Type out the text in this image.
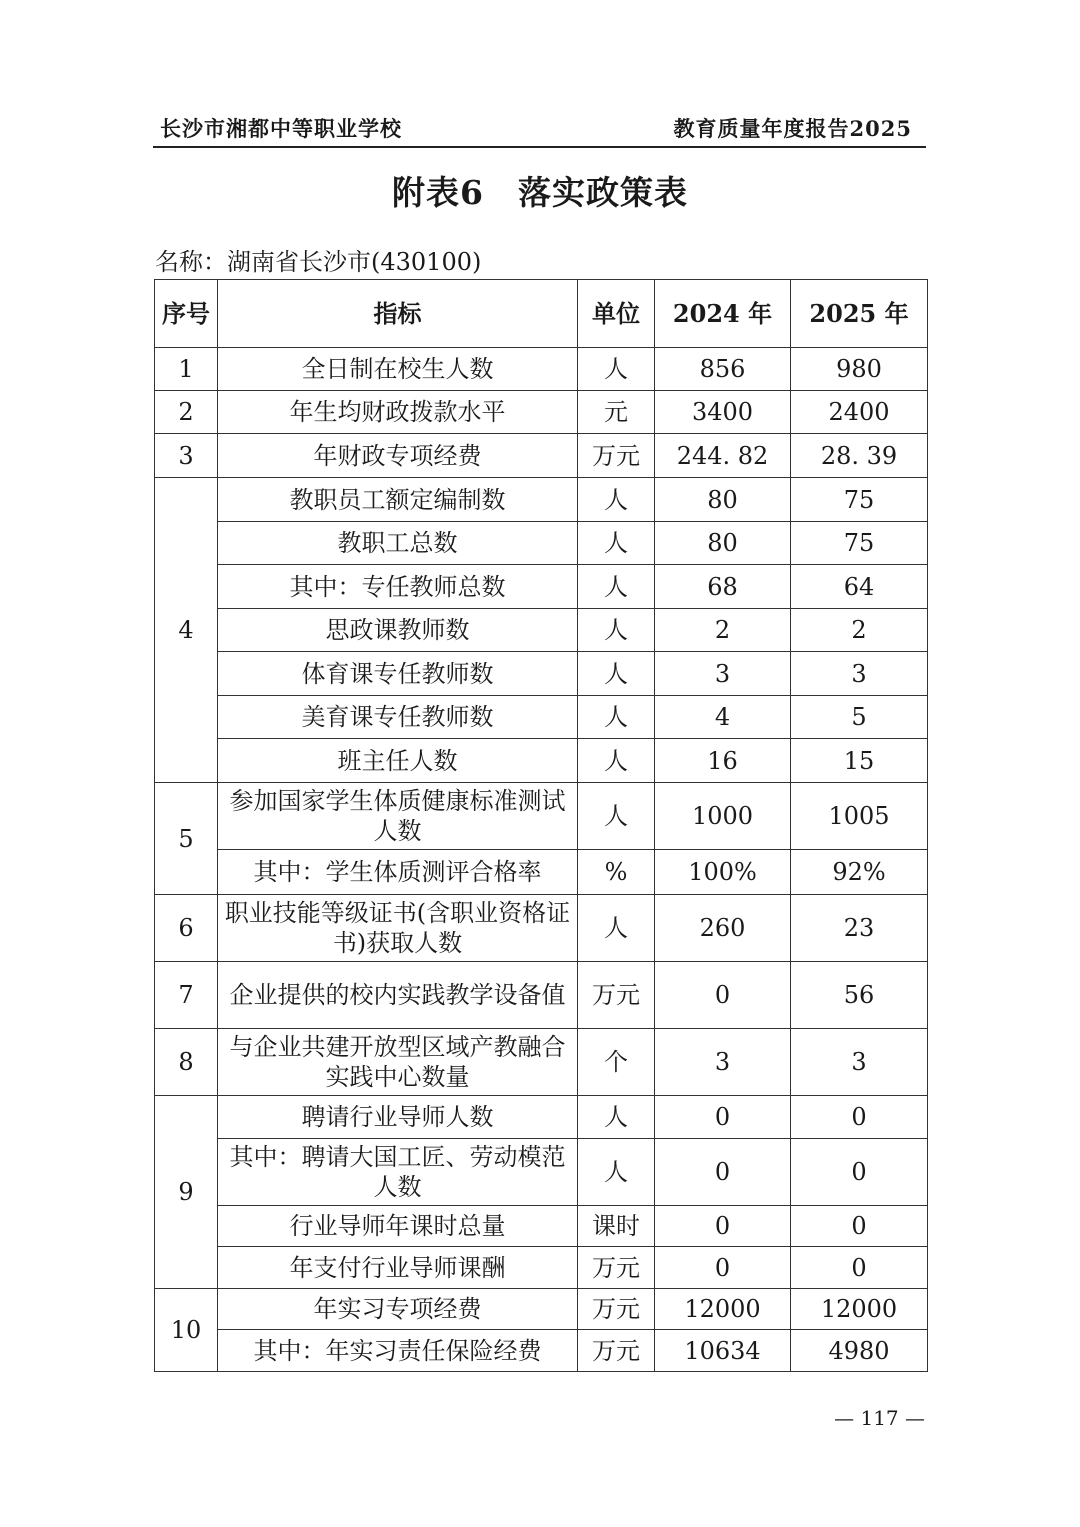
长沙市湘都中等职业学校	教育质量年度报告2025
附表6 落实政策表
名称：湖南省长沙市(430100)
序号	指标	单位	2024 年	2025 年
1	全日制在校生人数	人	856	980
2	年生均财政拨款水平	元	3400	2400
3	年财政专项经费	万元	244. 82	28. 39
4	教职员工额定编制数	人	80	75
	教职工总数	人	80	75
	其中：专任教师总数	人	68	64
	思政课教师数	人	2	2
	体育课专任教师数	人	3	3
	美育课专任教师数	人	4	5
	班主任人数	人	16	15
5	参加国家学生体质健康标准测试人数	人	1000	1005
	其中：学生体质测评合格率	%	100%	92%
6	职业技能等级证书(含职业资格证书)获取人数	人	260	23
7	企业提供的校内实践教学设备值	万元	0	56
8	与企业共建开放型区域产教融合实践中心数量	个	3	3
9	聘请行业导师人数	人	0	0
	其中：聘请大国工匠、劳动模范人数	人	0	0
	行业导师年课时总量	课时	0	0
	年支付行业导师课酬	万元	0	0
10	年实习专项经费	万元	12000	12000
	其中：年实习责任保险经费	万元	10634	4980
— 117 —
